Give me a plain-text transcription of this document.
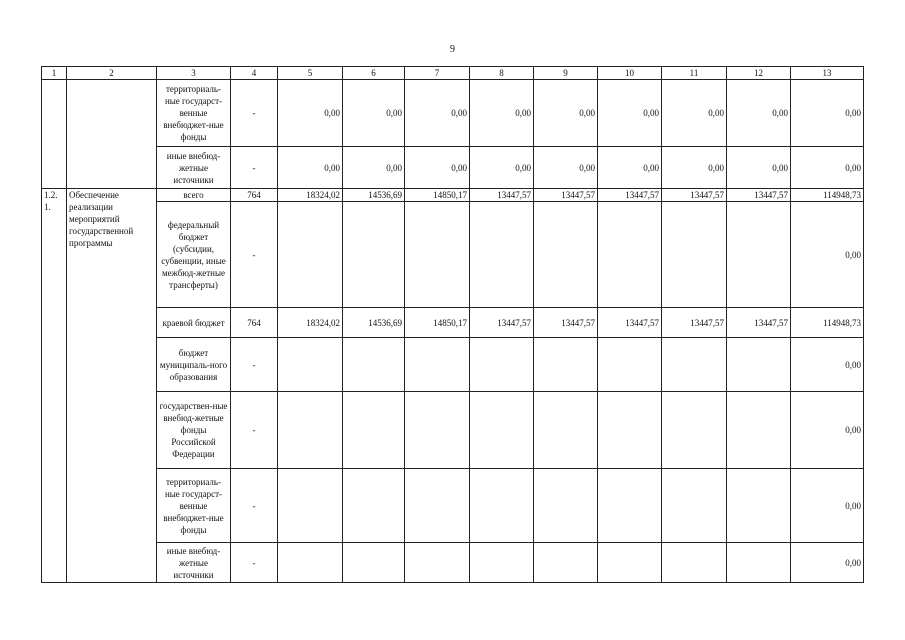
9
1	2	3	4	5	6	7	8	9	10	11	12	13
		территориаль-ные государст-венные внебюджет-ные фонды	-	0,00	0,00	0,00	0,00	0,00	0,00	0,00	0,00	0,00
		иные внебюд-жетные источники	-	0,00	0,00	0,00	0,00	0,00	0,00	0,00	0,00	0,00
1.2. 1.	Обеспечение реализации мероприятий государственной программы	всего	764	18324,02	14536,69	14850,17	13447,57	13447,57	13447,57	13447,57	13447,57	114948,73
		федеральный бюджет (субсидии, субвенции, иные межбюд-жетные трансферты)	-									0,00
		краевой бюджет	764	18324,02	14536,69	14850,17	13447,57	13447,57	13447,57	13447,57	13447,57	114948,73
		бюджет муниципаль-ного образования	-									0,00
		государствен-ные внебюд-жетные фонды Российской Федерации	-									0,00
		территориаль-ные государст-венные внебюджет-ные фонды	-									0,00
		иные внебюд-жетные источники	-									0,00
